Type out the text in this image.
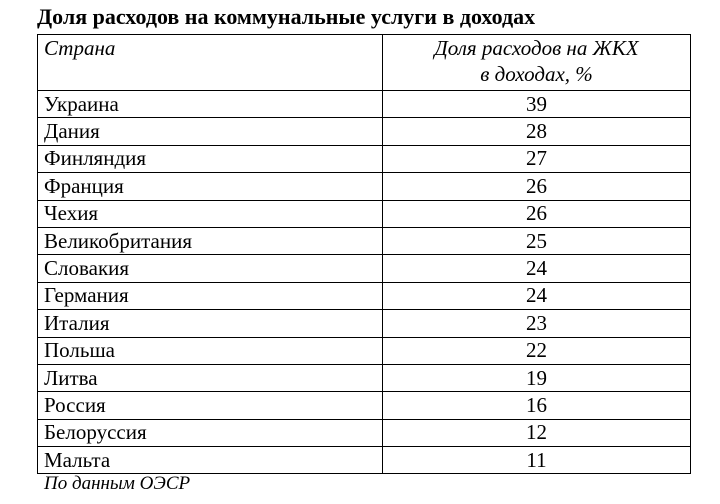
Доля расходов на коммунальные услуги в доходах
Страна	Доля расходов на ЖКХ
в доходах, %

Украина	39
Дания	28
Финляндия	27
Франция	26
Чехия	26
Великобритания	25
Словакия	24
Германия	24
Италия	23
Польша	22
Литва	19
Россия	16
Белоруссия	12
Мальта	11
По данным ОЭСР
